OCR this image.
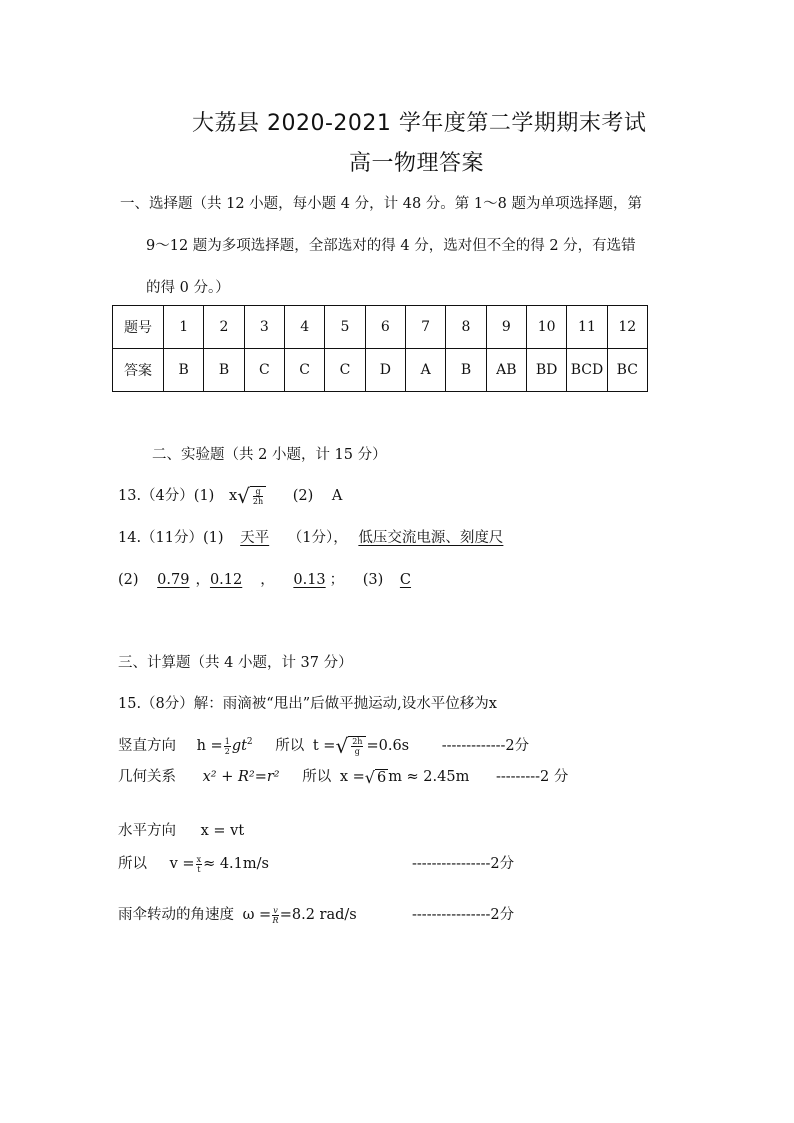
大荔县 2020-2021 学年度第二学期期末考试
高一物理答案
一、选择题（共 12 小题，每小题 4 分，计 48 分。第 1～8 题为单项选择题，第
9～12 题为多项选择题，全部选对的得 4 分，选对但不全的得 2 分，有选错
的得 0 分。）
题号	1	2	3	4	5	6	7	8	9	10	11	12
答案	B	B	C	C	C	D	A	B	AB	BD	BCD	BC
二、实验题（共 2 小题，计 15 分）
13.（4分）(1) $x√ \frac{g}{2h} (2)$ A
14.（11分）(1) 天平 （1分）， 低压交流电源、刻度尺
(2) 0.79 ，0.12 ， 0.13 ； (3) C
三、计算题（共 4 小题，计 37 分）
15.（8分）解：雨滴被“甩出”后做平抛运动,设水平位移为x
竖直方向 $h = \frac{1}{2} gt^2$ 所以 t =√ $\frac{2h}{g} =0.6s$ -------------2分
几何关系 x² + R²=r² 所以 x =√ 6 m ≈ 2.45m ---------2 分
水平方向 x = vt
所以 $v = \frac{x}{t} \approx 4.1m/s$	----------------2分
雨伞转动的角速度 $\omega = \frac{v}{R} =8.2$ rad/s	----------------2分
